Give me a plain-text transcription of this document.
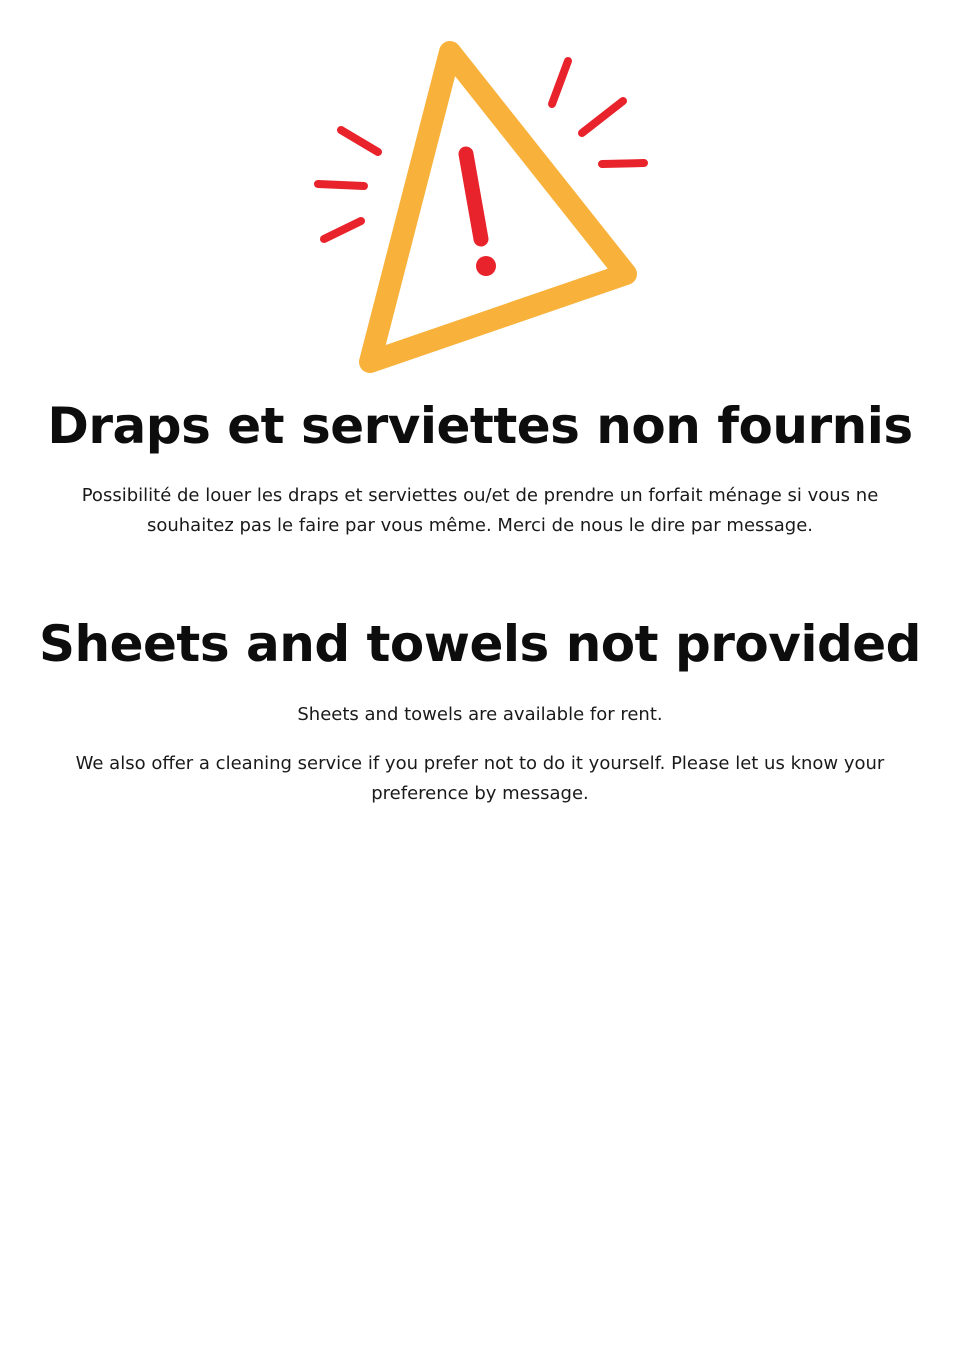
Draps et serviettes non fournis

Possibilité de louer les draps et serviettes ou/et de prendre un forfait ménage si vous ne souhaitez pas le faire par vous même. Merci de nous le dire par message.

Sheets and towels not provided

Sheets and towels are available for rent.

We also offer a cleaning service if you prefer not to do it yourself. Please let us know your preference by message.
